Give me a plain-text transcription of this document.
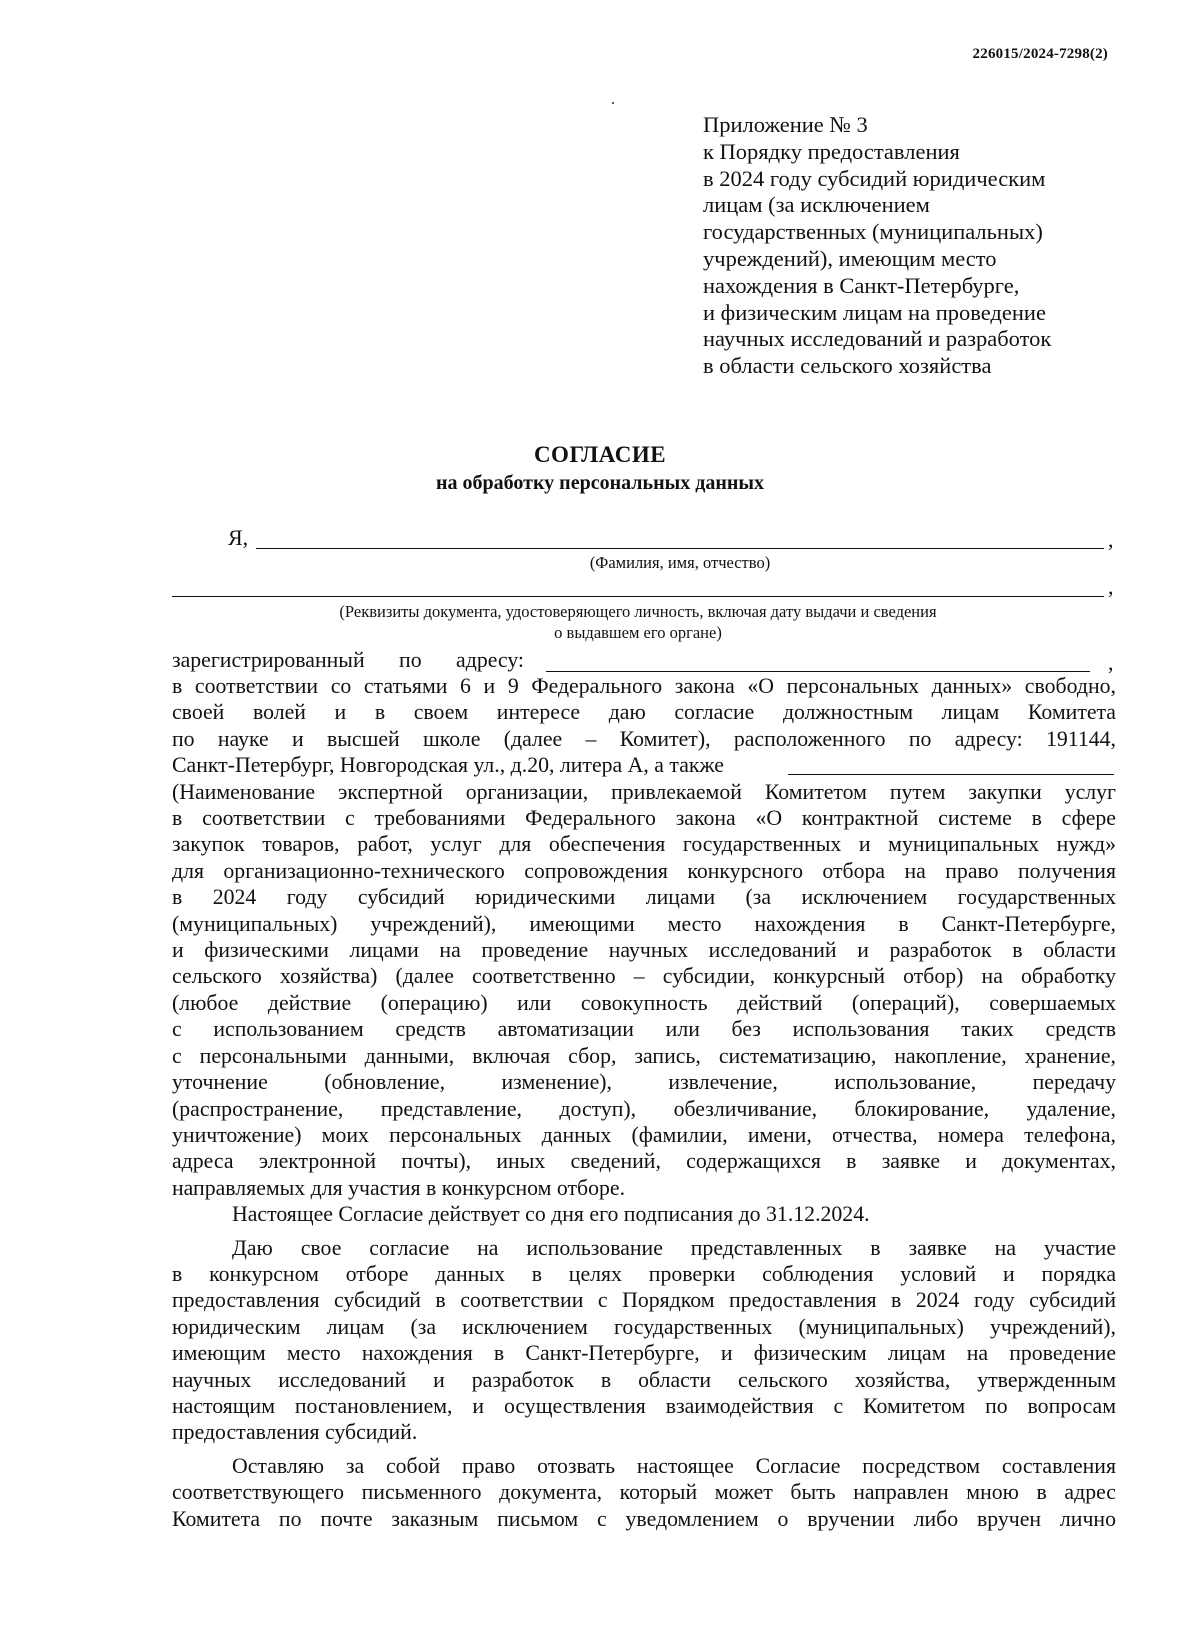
226015/2024-7298(2)
Приложение № 3
к Порядку предоставления
в 2024 году субсидий юридическим
лицам (за исключением
государственных (муниципальных)
учреждений), имеющим место
нахождения в Санкт-Петербурге,
и физическим лицам на проведение
научных исследований и разработок
в области сельского хозяйства
СОГЛАСИЕ
на обработку персональных данных
Я,	,
(Фамилия, имя, отчество)
,
(Реквизиты документа, удостоверяющего личность, включая дату выдачи и сведения
о выдавшем его органе)
зарегистрированный по адресу:	,
в соответствии со статьями 6 и 9 Федерального закона «О персональных данных» свободно,
своей волей и в своем интересе даю согласие должностным лицам Комитета
по науке и высшей школе (далее – Комитет), расположенного по адресу: 191144,
Санкт-Петербург, Новгородская ул., д.20, литера А, а также
(Наименование экспертной организации, привлекаемой Комитетом путем закупки услуг
в соответствии с требованиями Федерального закона «О контрактной системе в сфере
закупок товаров, работ, услуг для обеспечения государственных и муниципальных нужд»
для организационно-технического сопровождения конкурсного отбора на право получения
в 2024 году субсидий юридическими лицами (за исключением государственных
(муниципальных) учреждений), имеющими место нахождения в Санкт-Петербурге,
и физическими лицами на проведение научных исследований и разработок в области
сельского хозяйства) (далее соответственно – субсидии, конкурсный отбор) на обработку
(любое действие (операцию) или совокупность действий (операций), совершаемых
с использованием средств автоматизации или без использования таких средств
с персональными данными, включая сбор, запись, систематизацию, накопление, хранение,
уточнение (обновление, изменение), извлечение, использование, передачу
(распространение, представление, доступ), обезличивание, блокирование, удаление,
уничтожение) моих персональных данных (фамилии, имени, отчества, номера телефона,
адреса электронной почты), иных сведений, содержащихся в заявке и документах,
направляемых для участия в конкурсном отборе.
Настоящее Согласие действует со дня его подписания до 31.12.2024.
Даю свое согласие на использование представленных в заявке на участие
в конкурсном отборе данных в целях проверки соблюдения условий и порядка
предоставления субсидий в соответствии с Порядком предоставления в 2024 году субсидий
юридическим лицам (за исключением государственных (муниципальных) учреждений),
имеющим место нахождения в Санкт-Петербурге, и физическим лицам на проведение
научных исследований и разработок в области сельского хозяйства, утвержденным
настоящим постановлением, и осуществления взаимодействия с Комитетом по вопросам
предоставления субсидий.
Оставляю за собой право отозвать настоящее Согласие посредством составления
соответствующего письменного документа, который может быть направлен мною в адрес
Комитета по почте заказным письмом с уведомлением о вручении либо вручен лично
